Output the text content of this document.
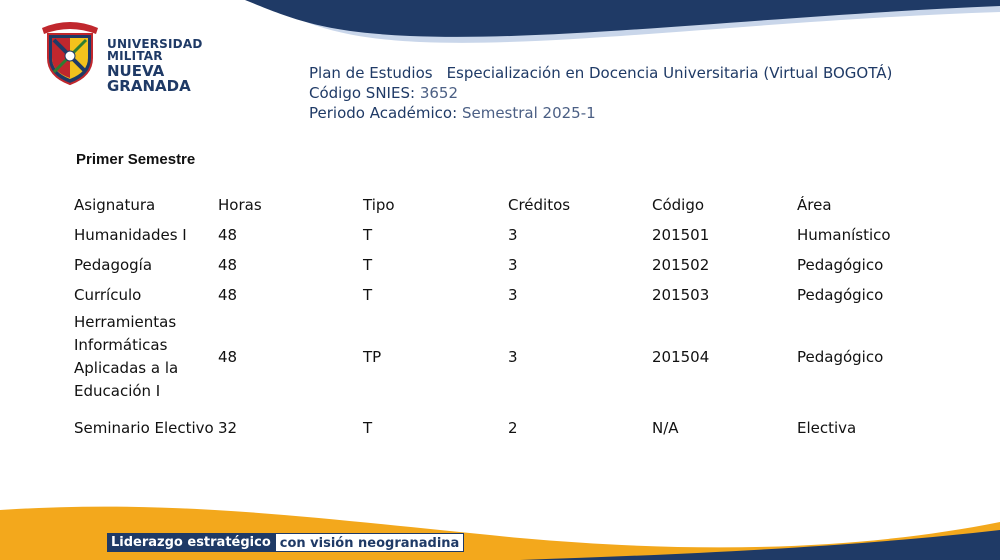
UNIVERSIDAD MILITAR
NUEVA GRANADA
Plan de Estudios Especialización en Docencia Universitaria (Virtual BOGOTÁ)
Código SNIES: 3652
Periodo Académico: Semestral 2025-1
Primer Semestre
Asignatura	Horas	Tipo	Créditos	Código	Área
Humanidades I	48	T	3	201501	Humanístico
Pedagogía	48	T	3	201502	Pedagógico
Currículo	48	T	3	201503	Pedagógico
Herramientas Informáticas Aplicadas a la Educación I	48	TP	3	201504	Pedagógico
Seminario Electivo	32	T	2	N/A	Electiva
Liderazgo estratégico con visión neogranadina
